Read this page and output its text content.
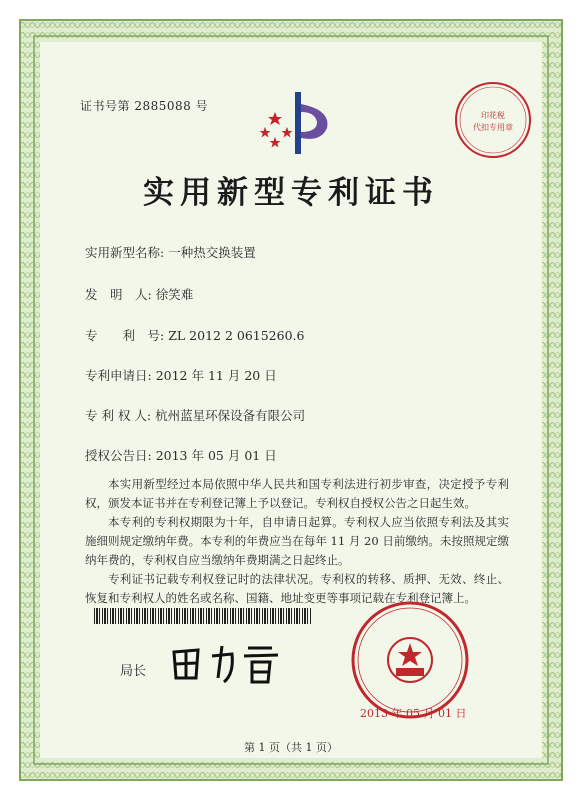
证书号第 2885088 号
印花税
代扣专用章
实用新型专利证书
实用新型名称: 一种热交换装置
发　明　人: 徐笑难
专　　利　号: ZL 2012 2 0615260.6
专利申请日: 2012 年 11 月 20 日
专 利 权 人: 杭州蓝星环保设备有限公司
授权公告日: 2013 年 05 月 01 日

本实用新型经过本局依照中华人民共和国专利法进行初步审查，决定授予专利权，颁发本证书并在专利登记簿上予以登记。专利权自授权公告之日起生效。

本专利的专利权期限为十年，自申请日起算。专利权人应当依照专利法及其实施细则规定缴纳年费。本专利的年费应当在每年 11 月 20 日前缴纳。未按照规定缴纳年费的，专利权自应当缴纳年费期满之日起终止。

专利证书记载专利权登记时的法律状况。专利权的转移、质押、无效、终止、恢复和专利权人的姓名或名称、国籍、地址变更等事项记载在专利登记簿上。

局长
2013 年 05 月 01 日
第 1 页（共 1 页）
